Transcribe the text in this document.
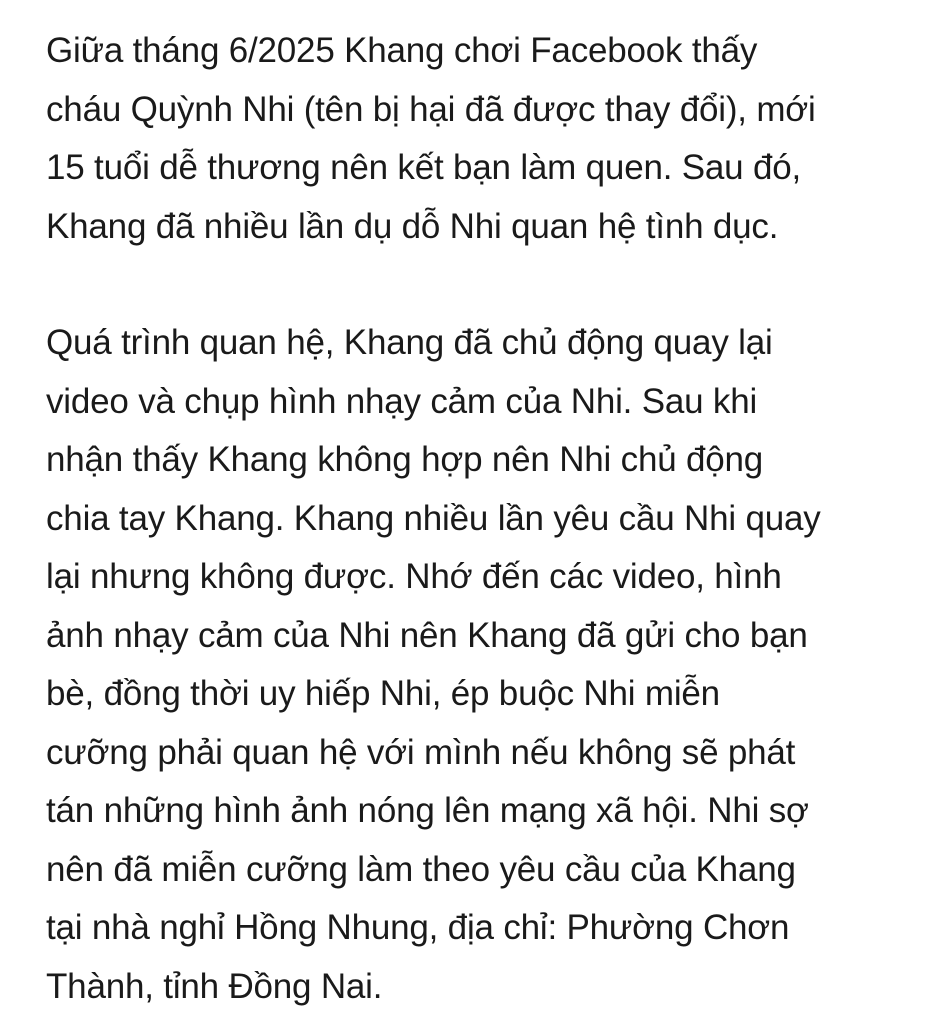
Giữa tháng 6/2025 Khang chơi Facebook thấy
cháu Quỳnh Nhi (tên bị hại đã được thay đổi), mới
15 tuổi dễ thương nên kết bạn làm quen. Sau đó,
Khang đã nhiều lần dụ dỗ Nhi quan hệ tình dục.

Quá trình quan hệ, Khang đã chủ động quay lại
video và chụp hình nhạy cảm của Nhi. Sau khi
nhận thấy Khang không hợp nên Nhi chủ động
chia tay Khang. Khang nhiều lần yêu cầu Nhi quay
lại nhưng không được. Nhớ đến các video, hình
ảnh nhạy cảm của Nhi nên Khang đã gửi cho bạn
bè, đồng thời uy hiếp Nhi, ép buộc Nhi miễn
cưỡng phải quan hệ với mình nếu không sẽ phát
tán những hình ảnh nóng lên mạng xã hội. Nhi sợ
nên đã miễn cưỡng làm theo yêu cầu của Khang
tại nhà nghỉ Hồng Nhung, địa chỉ: Phường Chơn
Thành, tỉnh Đồng Nai.
